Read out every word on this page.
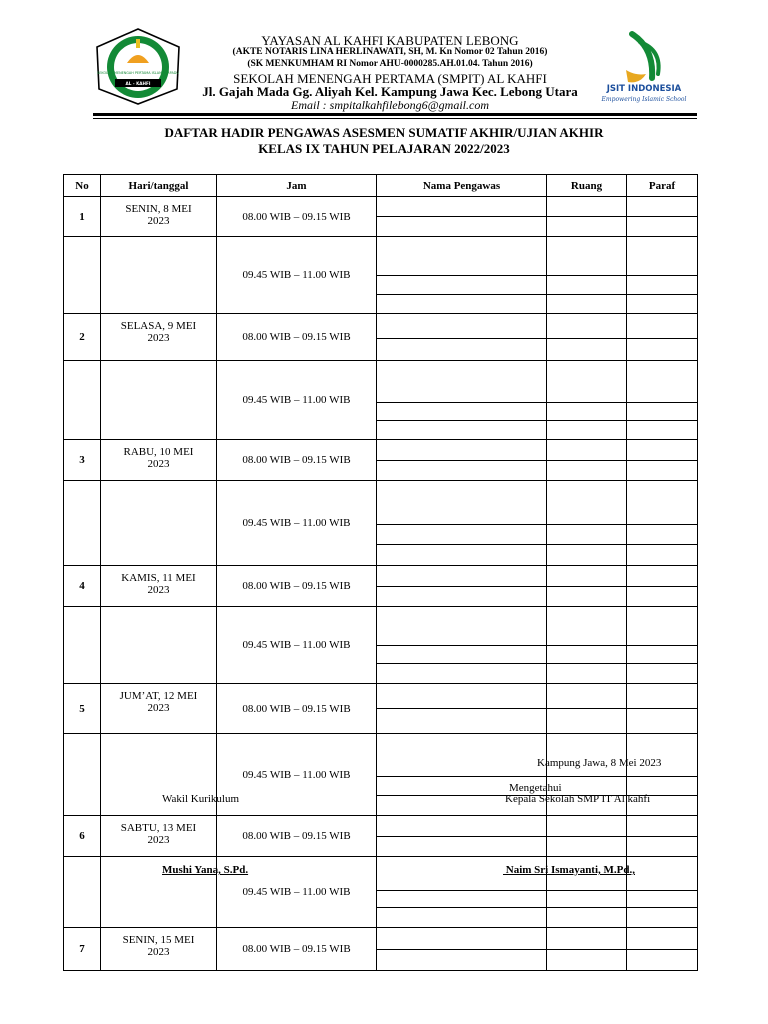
SEKOLAH MENENGAH PERTAMA ISLAM TERPADU
AL - KAHFI
JSIT INDONESIA
Empowering Islamic School
YAYASAN AL KAHFI KABUPATEN LEBONG
(AKTE NOTARIS LINA HERLINAWATI, SH, M. Kn Nomor 02 Tahun 2016)
(SK MENKUMHAM RI Nomor AHU-0000285.AH.01.04. Tahun 2016)
SEKOLAH MENENGAH PERTAMA (SMPIT) AL KAHFI
Jl. Gajah Mada Gg. Aliyah Kel. Kampung Jawa Kec. Lebong Utara
Email : smpitalkahfilebong6@gmail.com
DAFTAR HADIR PENGAWAS ASESMEN SUMATIF AKHIR/UJIAN AKHIR
KELAS IX TAHUN PELAJARAN 2022/2023
No	Hari/tanggal	Jam	Nama Pengawas	Ruang	Paraf
1	SENIN, 8 MEI
2023	08.00 WIB – 09.15 WIB			

		09.45 WIB – 11.00 WIB			

2	SELASA, 9 MEI
2023	08.00 WIB – 09.15 WIB			

		09.45 WIB – 11.00 WIB			

3	RABU, 10 MEI
2023	08.00 WIB – 09.15 WIB			

		09.45 WIB – 11.00 WIB			

4	KAMIS, 11 MEI
2023	08.00 WIB – 09.15 WIB			

		09.45 WIB – 11.00 WIB			

5	JUM’AT, 12 MEI
2023	08.00 WIB – 09.15 WIB			

		09.45 WIB – 11.00 WIB			

6	SABTU, 13 MEI
2023	08.00 WIB – 09.15 WIB			

		09.45 WIB – 11.00 WIB			

7	SENIN, 15 MEI
2023	08.00 WIB – 09.15 WIB			

Kampung Jawa, 8 Mei 2023
Mengetahui
Wakil Kurikulum	Kepala Sekolah SMP IT Al kahfi
Mushi Yana, S.Pd.	Naim Sri Ismayanti, M.Pd.,
